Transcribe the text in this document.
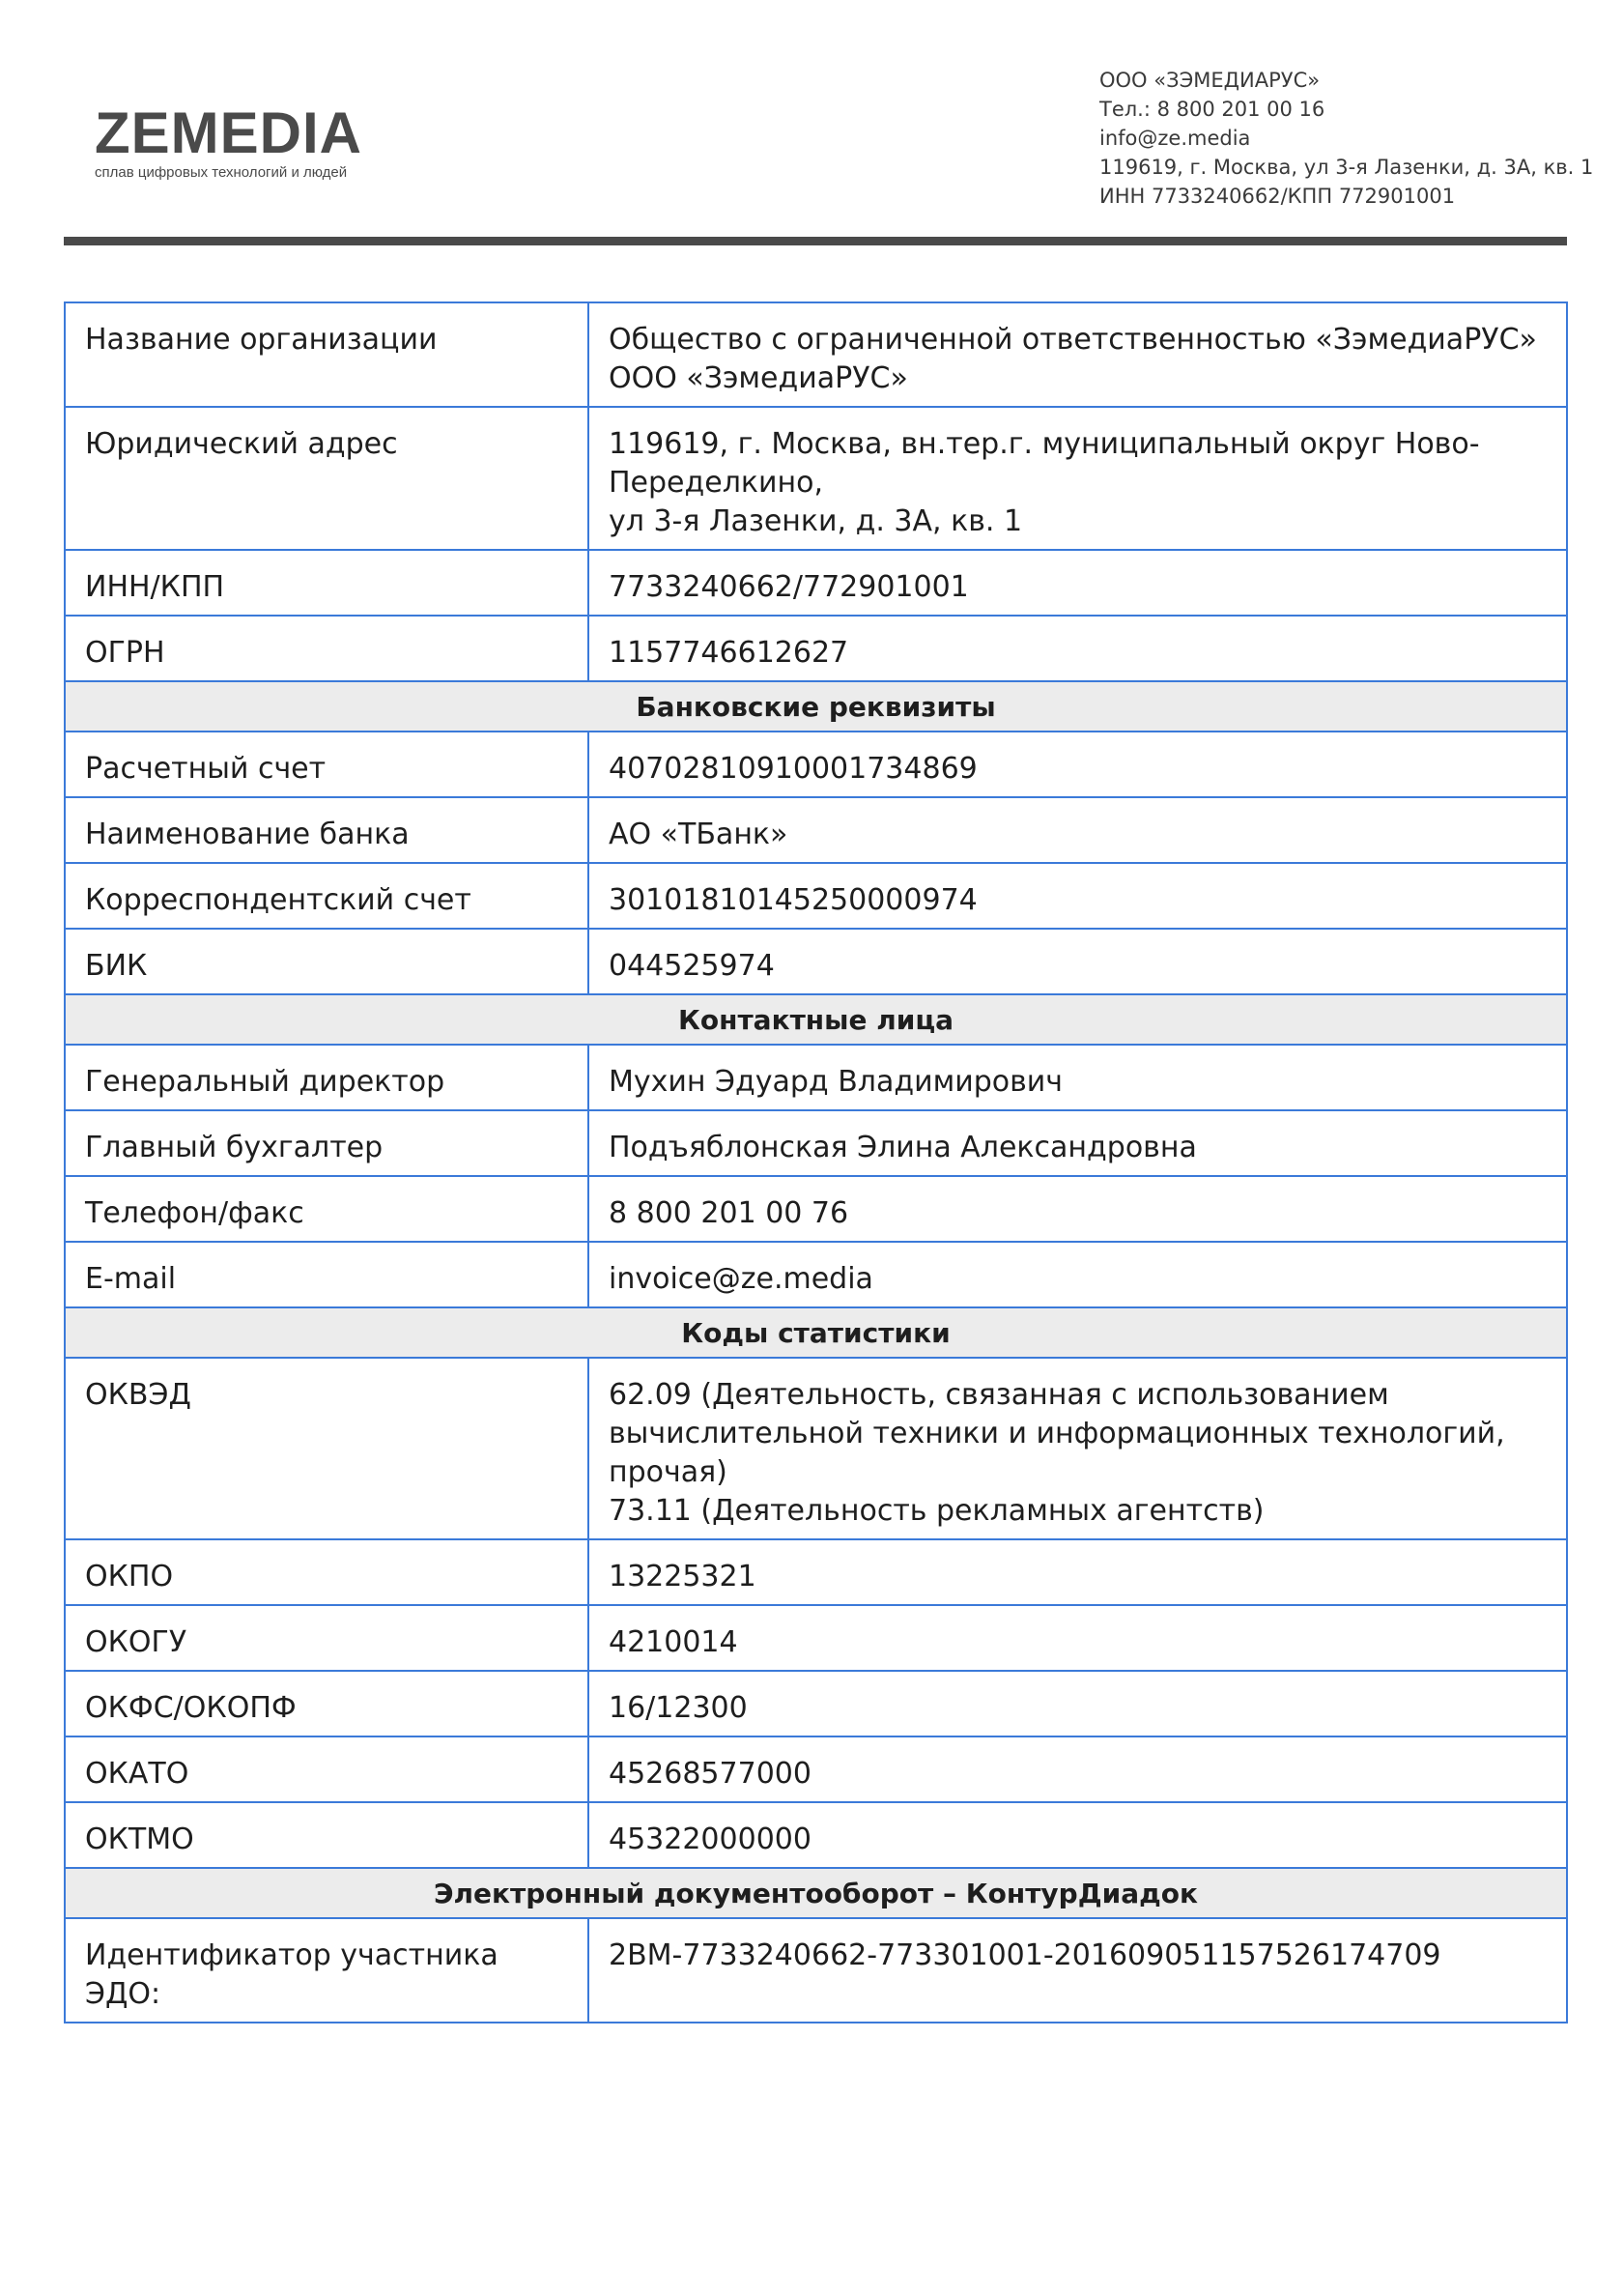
ZEMEDIA
сплав цифровых технологий и людей
ООО «ЗЭМЕДИАРУС»
Тел.: 8 800 201 00 16
info@ze.media
119619, г. Москва, ул 3-я Лазенки, д. 3А, кв. 1
ИНН 7733240662/КПП 772901001
Название организации	Общество с ограниченной ответственностью «ЗэмедиаРУС»
ООО «ЗэмедиаРУС»
Юридический адрес	119619, г. Москва, вн.тер.г. муниципальный округ Ново-Переделкино,
ул 3-я Лазенки, д. 3А, кв. 1
ИНН/КПП	7733240662/772901001
ОГРН	1157746612627
Банковские реквизиты	
Расчетный счет	40702810910001734869
Наименование банка	АО «ТБанк»
Корреспондентский счет	30101810145250000974
БИК	044525974
Контактные лица	
Генеральный директор	Мухин Эдуард Владимирович
Главный бухгалтер	Подъяблонская Элина Александровна
Телефон/факс	8 800 201 00 76
E-mail	invoice@ze.media
Коды статистики	
ОКВЭД	62.09 (Деятельность, связанная с использованием вычислительной техники и информационных технологий, прочая)
73.11 (Деятельность рекламных агентств)
ОКПО	13225321
ОКОГУ	4210014
ОКФС/ОКОПФ	16/12300
ОКАТО	45268577000
ОКТМО	45322000000
Электронный документооборот – КонтурДиадок	
Идентификатор участника ЭДО:	2BM-7733240662-773301001-20160905115752617470​9
